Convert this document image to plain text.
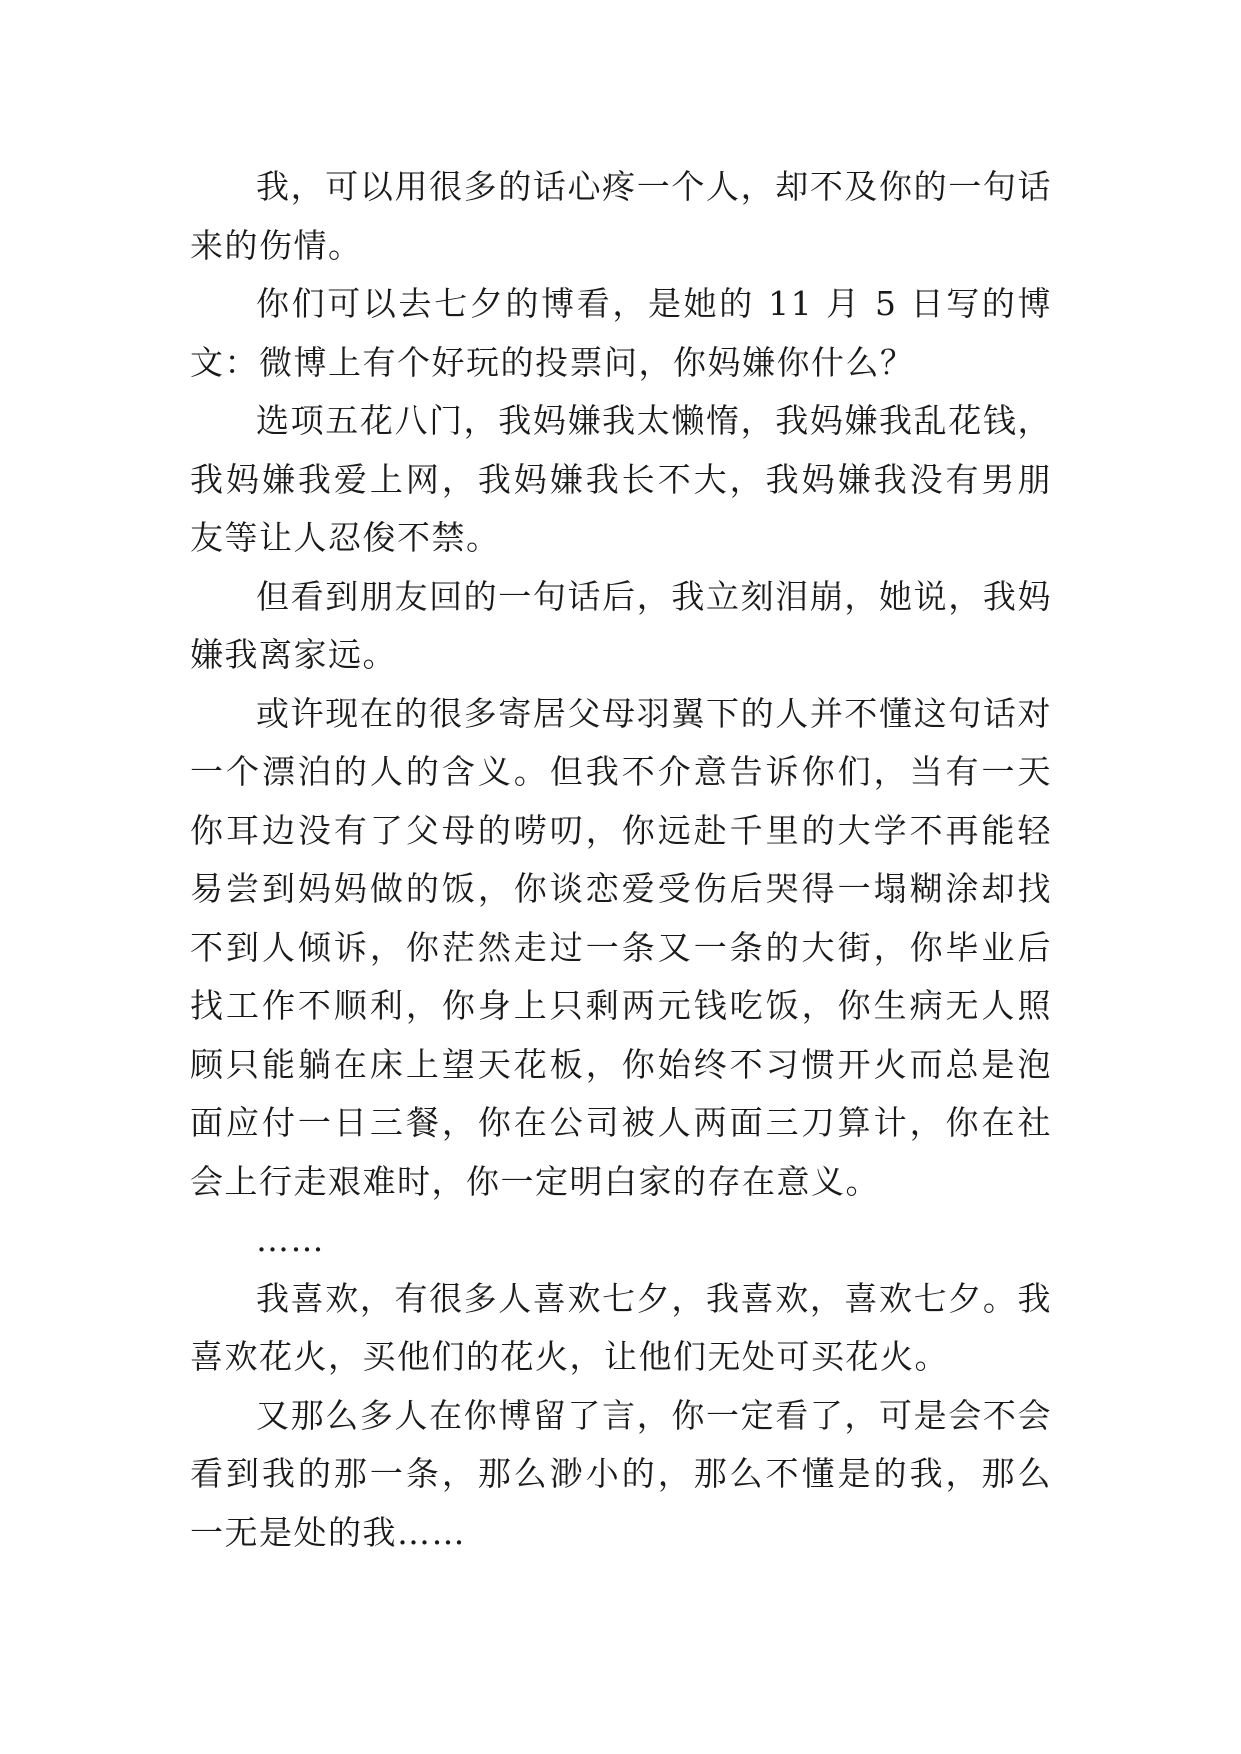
我，可以用很多的话心疼一个人，却不及你的一句话来的伤情。

你们可以去七夕的博看，是她的 11 月 5 日写的博文：微博上有个好玩的投票问，你妈嫌你什么？

选项五花八门，我妈嫌我太懒惰，我妈嫌我乱花钱，我妈嫌我爱上网，我妈嫌我长不大，我妈嫌我没有男朋友等让人忍俊不禁。

但看到朋友回的一句话后，我立刻泪崩，她说，我妈嫌我离家远。

或许现在的很多寄居父母羽翼下的人并不懂这句话对一个漂泊的人的含义。但我不介意告诉你们，当有一天你耳边没有了父母的唠叨，你远赴千里的大学不再能轻易尝到妈妈做的饭，你谈恋爱受伤后哭得一塌糊涂却找不到人倾诉，你茫然走过一条又一条的大街，你毕业后找工作不顺利，你身上只剩两元钱吃饭，你生病无人照顾只能躺在床上望天花板，你始终不习惯开火而总是泡面应付一日三餐，你在公司被人两面三刀算计，你在社会上行走艰难时，你一定明白家的存在意义。

……

我喜欢，有很多人喜欢七夕，我喜欢，喜欢七夕。我喜欢花火，买他们的花火，让他们无处可买花火。

又那么多人在你博留了言，你一定看了，可是会不会看到我的那一条，那么渺小的，那么不懂是的我，那么一无是处的我……
